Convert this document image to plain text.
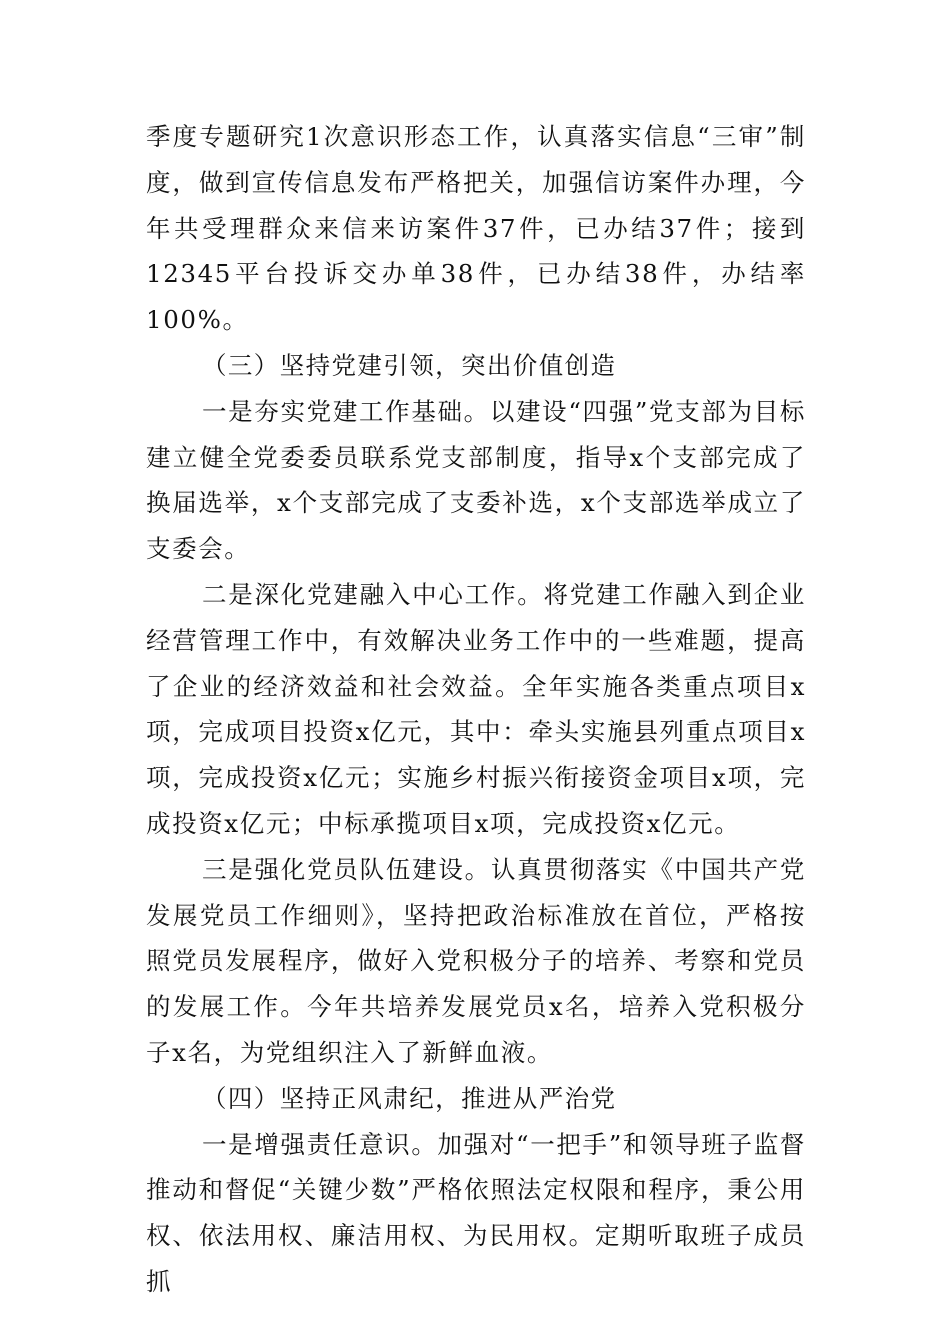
季度专题研究1次意识形态工作，认真落实信息“三审”制度，做到宣传信息发布严格把关，加强信访案件办理，今年共受理群众来信来访案件37件，已办结37件；接到12345平台投诉交办单38件，已办结38件，办结率100%。

（三）坚持党建引领，突出价值创造

一是夯实党建工作基础。以建设“四强”党支部为目标建立健全党委委员联系党支部制度，指导x个支部完成了换届选举，x个支部完成了支委补选，x个支部选举成立了支委会。

二是深化党建融入中心工作。将党建工作融入到企业经营管理工作中，有效解决业务工作中的一些难题，提高了企业的经济效益和社会效益。全年实施各类重点项目x项，完成项目投资x亿元，其中：牵头实施县列重点项目x项，完成投资x亿元；实施乡村振兴衔接资金项目x项，完成投资x亿元；中标承揽项目x项，完成投资x亿元。

三是强化党员队伍建设。认真贯彻落实《中国共产党发展党员工作细则》，坚持把政治标准放在首位，严格按照党员发展程序，做好入党积极分子的培养、考察和党员的发展工作。今年共培养发展党员x名，培养入党积极分子x名，为党组织注入了新鲜血液。

（四）坚持正风肃纪，推进从严治党

一是增强责任意识。加强对“一把手”和领导班子监督推动和督促“关键少数”严格依照法定权限和程序，秉公用权、依法用权、廉洁用权、为民用权。定期听取班子成员抓
